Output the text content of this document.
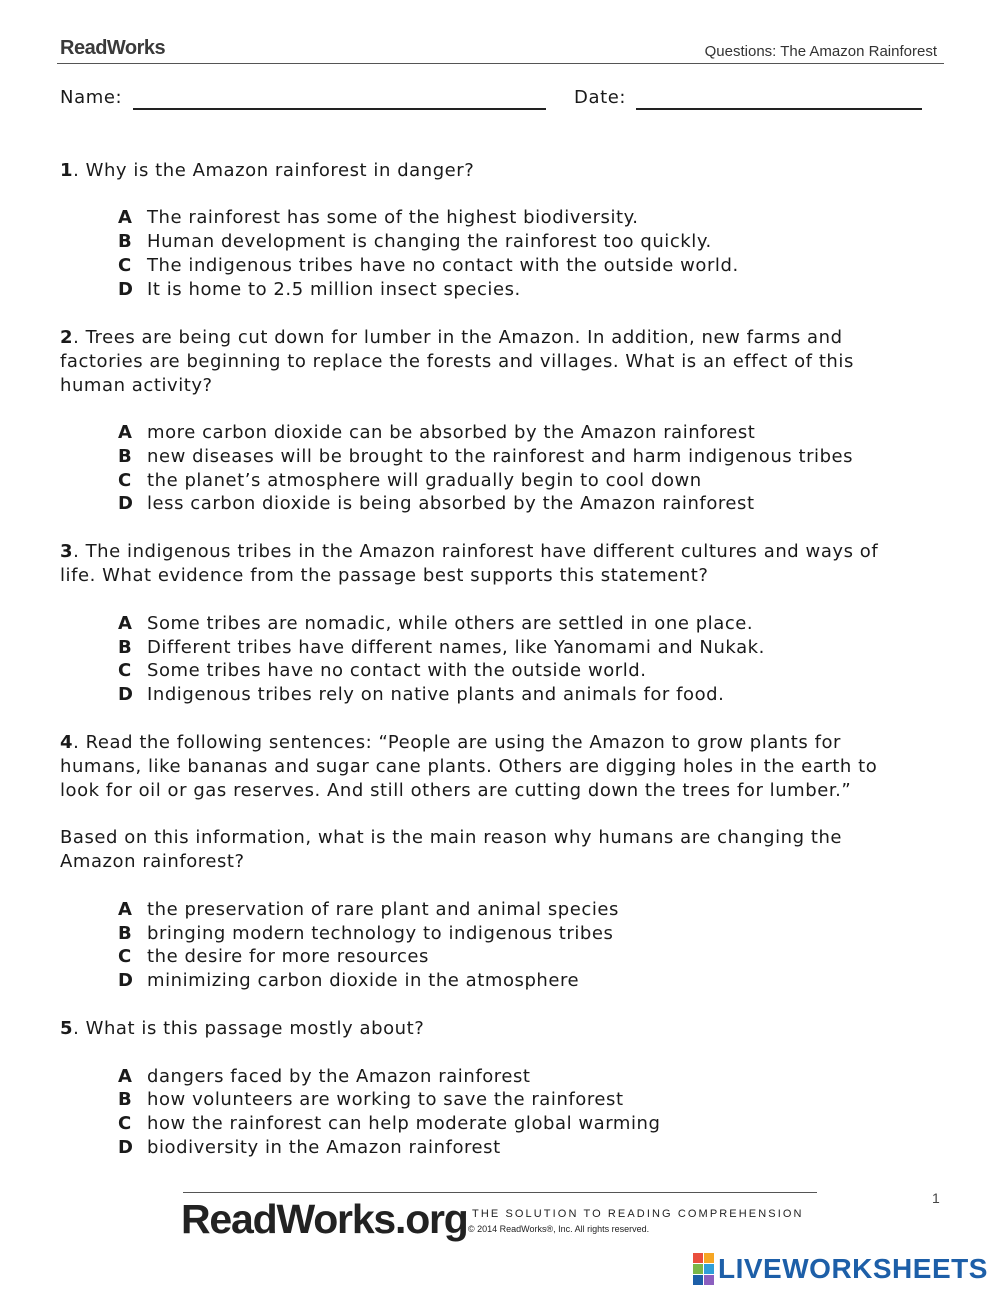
ReadWorks	Questions: The Amazon Rainforest
Name:	Date:
1. Why is the Amazon rainforest in danger?
A The rainforest has some of the highest biodiversity.
B Human development is changing the rainforest too quickly.
C The indigenous tribes have no contact with the outside world.
D It is home to 2.5 million insect species.
2. Trees are being cut down for lumber in the Amazon. In addition, new farms and
factories are beginning to replace the forests and villages. What is an effect of this
human activity?
A more carbon dioxide can be absorbed by the Amazon rainforest
B new diseases will be brought to the rainforest and harm indigenous tribes
C the planet’s atmosphere will gradually begin to cool down
D less carbon dioxide is being absorbed by the Amazon rainforest
3. The indigenous tribes in the Amazon rainforest have different cultures and ways of
life. What evidence from the passage best supports this statement?
A Some tribes are nomadic, while others are settled in one place.
B Different tribes have different names, like Yanomami and Nukak.
C Some tribes have no contact with the outside world.
D Indigenous tribes rely on native plants and animals for food.
4. Read the following sentences: “People are using the Amazon to grow plants for
humans, like bananas and sugar cane plants. Others are digging holes in the earth to
look for oil or gas reserves. And still others are cutting down the trees for lumber.”
Based on this information, what is the main reason why humans are changing the
Amazon rainforest?
A the preservation of rare plant and animal species
B bringing modern technology to indigenous tribes
C the desire for more resources
D minimizing carbon dioxide in the atmosphere
5. What is this passage mostly about?
A dangers faced by the Amazon rainforest
B how volunteers are working to save the rainforest
C how the rainforest can help moderate global warming
D biodiversity in the Amazon rainforest
ReadWorks.org THE SOLUTION TO READING COMPREHENSION
© 2014 ReadWorks®, Inc. All rights reserved.
1
LIVEWORKSHEETS
